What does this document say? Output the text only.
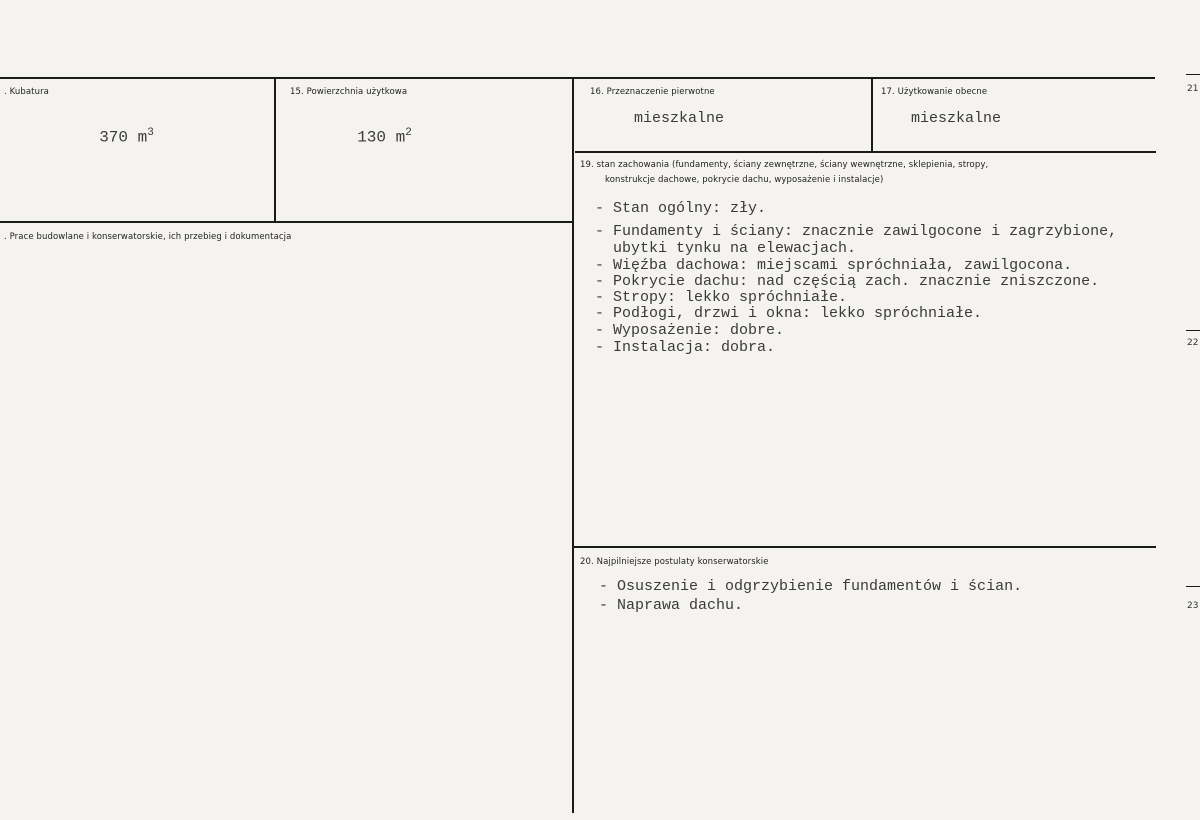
21
22
23
. Kubatura

370 $m^3$

15. Powierzchnia użytkowa

130 $m^2$

16. Przeznaczenie pierwotne
mieszkalne
17. Użytkowanie obecne
mieszkalne
. Prace budowlane i konserwatorskie, ich przebieg i dokumentacja
19. stan zachowania (fundamenty, ściany zewnętrzne, ściany wewnętrzne, sklepienia, stropy,
konstrukcje dachowe, pokrycie dachu, wyposażenie i instalacje)
- Stan ogólny: zły.
- Fundamenty i ściany: znacznie zawilgocone i zagrzybione,
ubytki tynku na elewacjach.
- Więźba dachowa: miejscami spróchniała, zawilgocona.
- Pokrycie dachu: nad częścią zach. znacznie zniszczone.
- Stropy: lekko spróchniałe.
- Podłogi, drzwi i okna: lekko spróchniałe.
- Wyposażenie: dobre.
- Instalacja: dobra.
20. Najpilniejsze postulaty konserwatorskie
- Osuszenie i odgrzybienie fundamentów i ścian.
- Naprawa dachu.
